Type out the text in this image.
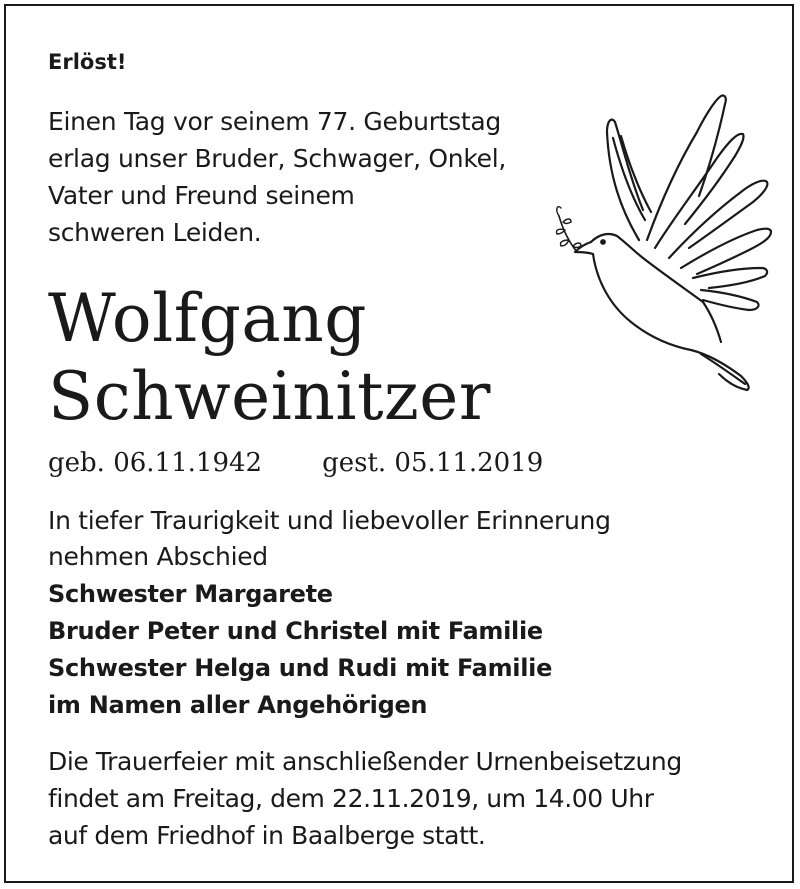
Erlöst!

Einen Tag vor seinem 77. Geburtstag
erlag unser Bruder, Schwager, Onkel,
Vater und Freund seinem
schweren Leiden.

Wolfgang
Schweinitzer

geb. 06.11.1942 gest. 05.11.2019

In tiefer Traurigkeit und liebevoller Erinnerung
nehmen Abschied

Schwester Margarete
Bruder Peter und Christel mit Familie
Schwester Helga und Rudi mit Familie
im Namen aller Angehörigen

Die Trauerfeier mit anschließender Urnenbeisetzung
findet am Freitag, dem 22.11.2019, um 14.00 Uhr
auf dem Friedhof in Baalberge statt.
